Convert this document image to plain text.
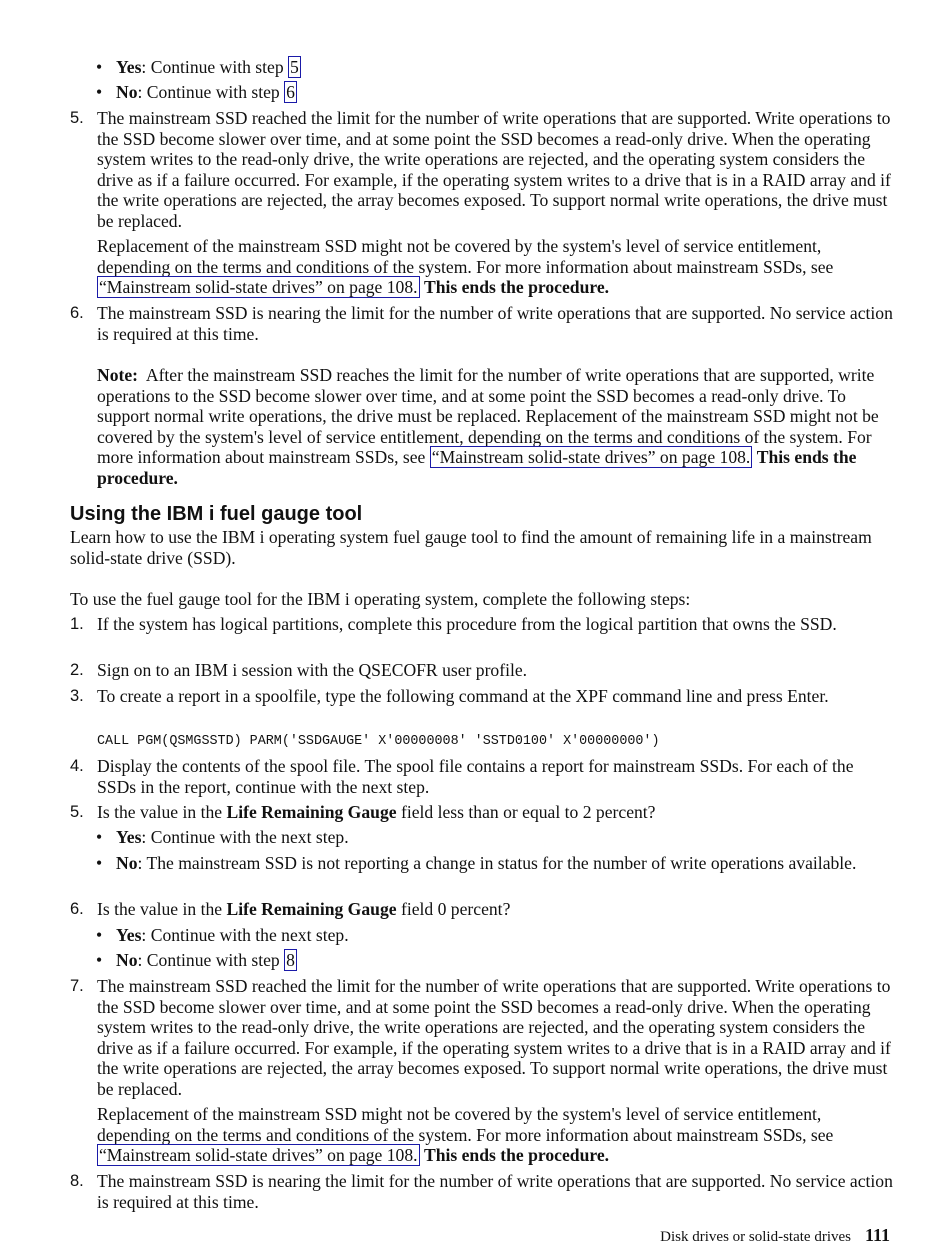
• Yes: Continue with step 5
• No: Continue with step 6
5. The mainstream SSD reached the limit for the number of write operations that are supported. Write operations to the SSD become slower over time, and at some point the SSD becomes a read-only drive. When the operating system writes to the read-only drive, the write operations are rejected, and the operating system considers the drive as if a failure occurred. For example, if the operating system writes to a drive that is in a RAID array and if the write operations are rejected, the array becomes exposed. To support normal write operations, the drive must be replaced.
Replacement of the mainstream SSD might not be covered by the system's level of service entitlement, depending on the terms and conditions of the system. For more information about mainstream SSDs, see “Mainstream solid-state drives” on page 108. This ends the procedure.
6. The mainstream SSD is nearing the limit for the number of write operations that are supported. No service action is required at this time.
Note: After the mainstream SSD reaches the limit for the number of write operations that are supported, write operations to the SSD become slower over time, and at some point the SSD becomes a read-only drive. To support normal write operations, the drive must be replaced. Replacement of the mainstream SSD might not be covered by the system's level of service entitlement, depending on the terms and conditions of the system. For more information about mainstream SSDs, see “Mainstream solid-state drives” on page 108. This ends the procedure.
Using the IBM i fuel gauge tool
Learn how to use the IBM i operating system fuel gauge tool to find the amount of remaining life in a mainstream solid-state drive (SSD).
To use the fuel gauge tool for the IBM i operating system, complete the following steps:
1. If the system has logical partitions, complete this procedure from the logical partition that owns the SSD.
2. Sign on to an IBM i session with the QSECOFR user profile.
3. To create a report in a spoolfile, type the following command at the XPF command line and press Enter.
CALL PGM(QSMGSSTD) PARM('SSDGAUGE' X'00000008' 'SSTD0100' X'00000000')
4. Display the contents of the spool file. The spool file contains a report for mainstream SSDs. For each of the SSDs in the report, continue with the next step.
5. Is the value in the Life Remaining Gauge field less than or equal to 2 percent?
• Yes: Continue with the next step.
• No: The mainstream SSD is not reporting a change in status for the number of write operations available.
6. Is the value in the Life Remaining Gauge field 0 percent?
• Yes: Continue with the next step.
• No: Continue with step 8
7. The mainstream SSD reached the limit for the number of write operations that are supported. Write operations to the SSD become slower over time, and at some point the SSD becomes a read-only drive. When the operating system writes to the read-only drive, the write operations are rejected, and the operating system considers the drive as if a failure occurred. For example, if the operating system writes to a drive that is in a RAID array and if the write operations are rejected, the array becomes exposed. To support normal write operations, the drive must be replaced.
Replacement of the mainstream SSD might not be covered by the system's level of service entitlement, depending on the terms and conditions of the system. For more information about mainstream SSDs, see “Mainstream solid-state drives” on page 108. This ends the procedure.
8. The mainstream SSD is nearing the limit for the number of write operations that are supported. No service action is required at this time.
Disk drives or solid-state drives 111
